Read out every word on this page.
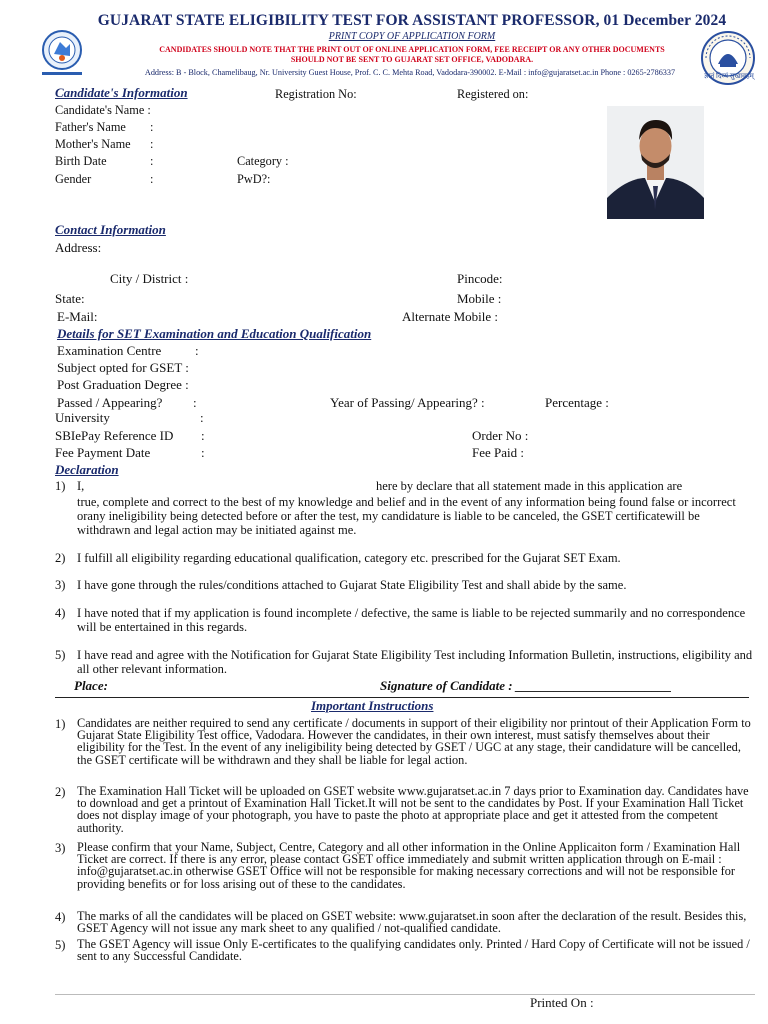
ज्ञानं दिव्यं सुखावहम्
GUJARAT STATE ELIGIBILITY TEST FOR ASSISTANT PROFESSOR, 01 December 2024
PRINT COPY OF APPLICATION FORM
CANDIDATES SHOULD NOTE THAT THE PRINT OUT OF ONLINE APPLICATION FORM, FEE RECEIPT OR ANY OTHER DOCUMENTS
SHOULD NOT BE SENT TO GUJARAT SET OFFICE, VADODARA.
Address: B - Block, Chamelibaug, Nr. University Guest House, Prof. C. C. Mehta Road, Vadodara-390002. E-Mail : info@gujaratset.ac.in Phone : 0265-2786337
Candidate's Information	Registration No:	Registered on:
Candidate's Name :
Father's Name :
Mother's Name :
Birth Date	:	Category :
Gender	:	PwD?:
Contact Information
Address:
City / District :	Pincode:
State:	Mobile :
E-Mail:	Alternate Mobile :
Details for SET Examination and Education Qualification
Examination Centre	:
Subject opted for GSET :
Post Graduation Degree :
Passed / Appearing? :	Year of Passing/ Appearing? :	Percentage :
University	:
SBIePay Reference ID :	Order No :
Fee Payment Date	:	Fee Paid :
Declaration
1) I,	here by declare that all statement made in this application are
true, complete and correct to the best of my knowledge and belief and in the event of any information being found false or incorrect orany ineligibility being detected before or after the test, my candidature is liable to be canceled, the GSET certificatewill be withdrawn and legal action may be initiated against me.
2) I fulfill all eligibility regarding educational qualification, category etc. prescribed for the Gujarat SET Exam.
3) I have gone through the rules/conditions attached to Gujarat State Eligibility Test and shall abide by the same.
4) I have noted that if my application is found incomplete / defective, the same is liable to be rejected summarily and no correspondence will be entertained in this regards.
5) I have read and agree with the Notification for Gujarat State Eligibility Test including Information Bulletin, instructions, eligibility and all other relevant information.
Place:	Signature of Candidate : ________________________
Important Instructions
1) Candidates are neither required to send any certificate / documents in support of their eligibility nor printout of their Application Form to Gujarat State Eligibility Test office, Vadodara. However the candidates, in their own interest, must satisfy themselves about their eligibility for the Test. In the event of any ineligibility being detected by GSET / UGC at any stage, their candidature will be cancelled, the GSET certificate will be withdrawn and they shall be liable for legal action.
2) The Examination Hall Ticket will be uploaded on GSET website www.gujaratset.ac.in 7 days prior to Examination day. Candidates have to download and get a printout of Examination Hall Ticket.It will not be sent to the candidates by Post. If your Examination Hall Ticket does not display image of your photograph, you have to paste the photo at appropriate place and get it attested from the competent authority.
3) Please confirm that your Name, Subject, Centre, Category and all other information in the Online Applicaiton form / Examination Hall Ticket are correct. If there is any error, please contact GSET office immediately and submit written application through on E-mail : info@gujaratset.ac.in otherwise GSET Office will not be responsible for making necessary corrections and will not be responsible for providing benefits or for loss arising out of these to the candidates.
4) The marks of all the candidates will be placed on GSET website: www.gujaratset.in soon after the declaration of the result. Besides this, GSET Agency will not issue any mark sheet to any qualified / not-qualified candidate.
5) The GSET Agency will issue Only E-certificates to the qualifying candidates only. Printed / Hard Copy of Certificate will not be issued / sent to any Successful Candidate.
Printed On :
